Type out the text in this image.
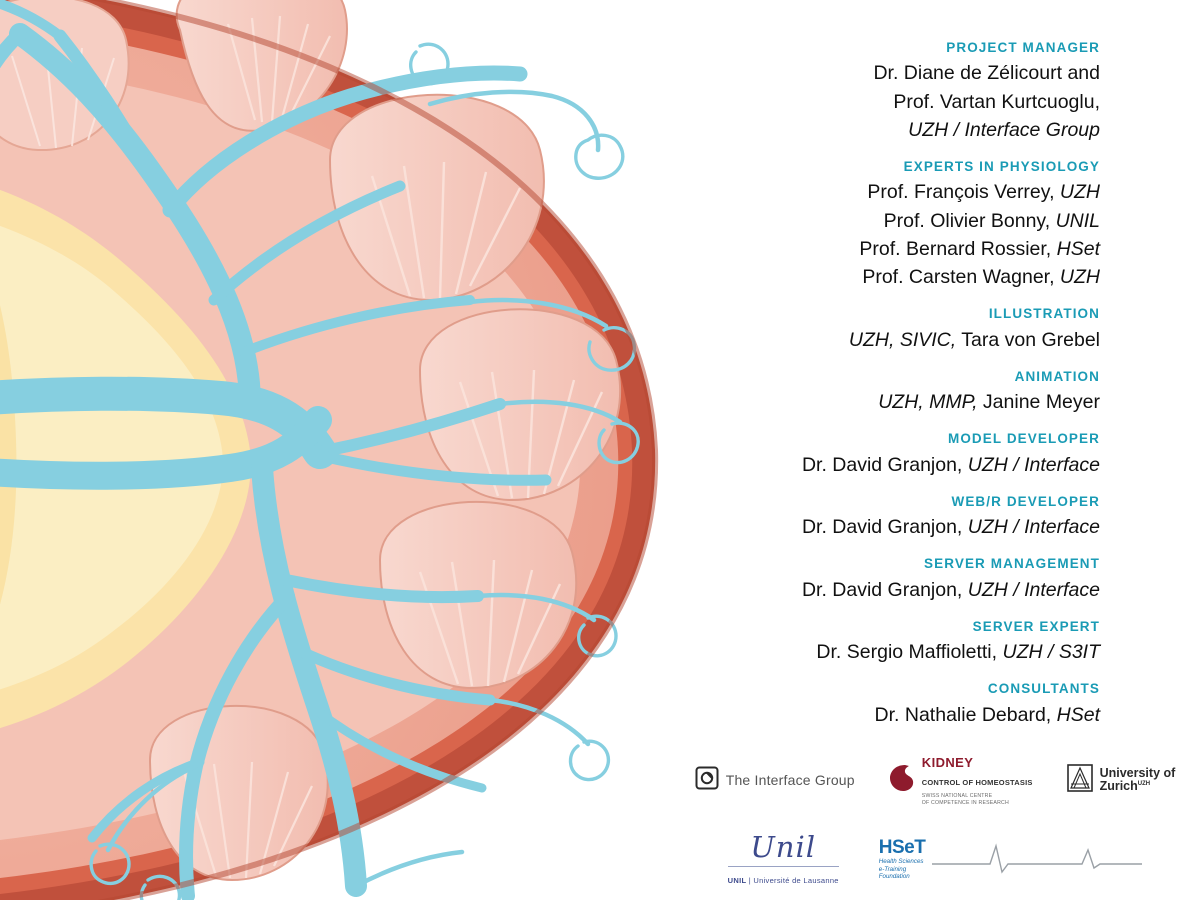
PROJECT MANAGER
Dr. Diane de Zélicourt and
Prof. Vartan Kurtcuoglu,
UZH / Interface Group
EXPERTS IN PHYSIOLOGY
Prof. François Verrey, UZH
Prof. Olivier Bonny, UNIL
Prof. Bernard Rossier, HSet
Prof. Carsten Wagner, UZH
ILLUSTRATION
UZH, SIVIC, Tara von Grebel
ANIMATION
UZH, MMP, Janine Meyer
MODEL DEVELOPER
Dr. David Granjon, UZH / Interface
WEB/R DEVELOPER
Dr. David Granjon, UZH / Interface
SERVER MANAGEMENT
Dr. David Granjon, UZH / Interface
SERVER EXPERT
Dr. Sergio Maffioletti, UZH / S3IT
CONSULTANTS
Dr. Nathalie Debard, HSet
The Interface Group
KIDNEY
CONTROL OF HOMEOSTASIS
SWISS NATIONAL CENTRE
OF COMPETENCE IN RESEARCH
University of
Zurich$^{UZH}$
Unil
UNIL | Université de Lausanne
HSeT
Health Sciences
e-Training
Foundation
